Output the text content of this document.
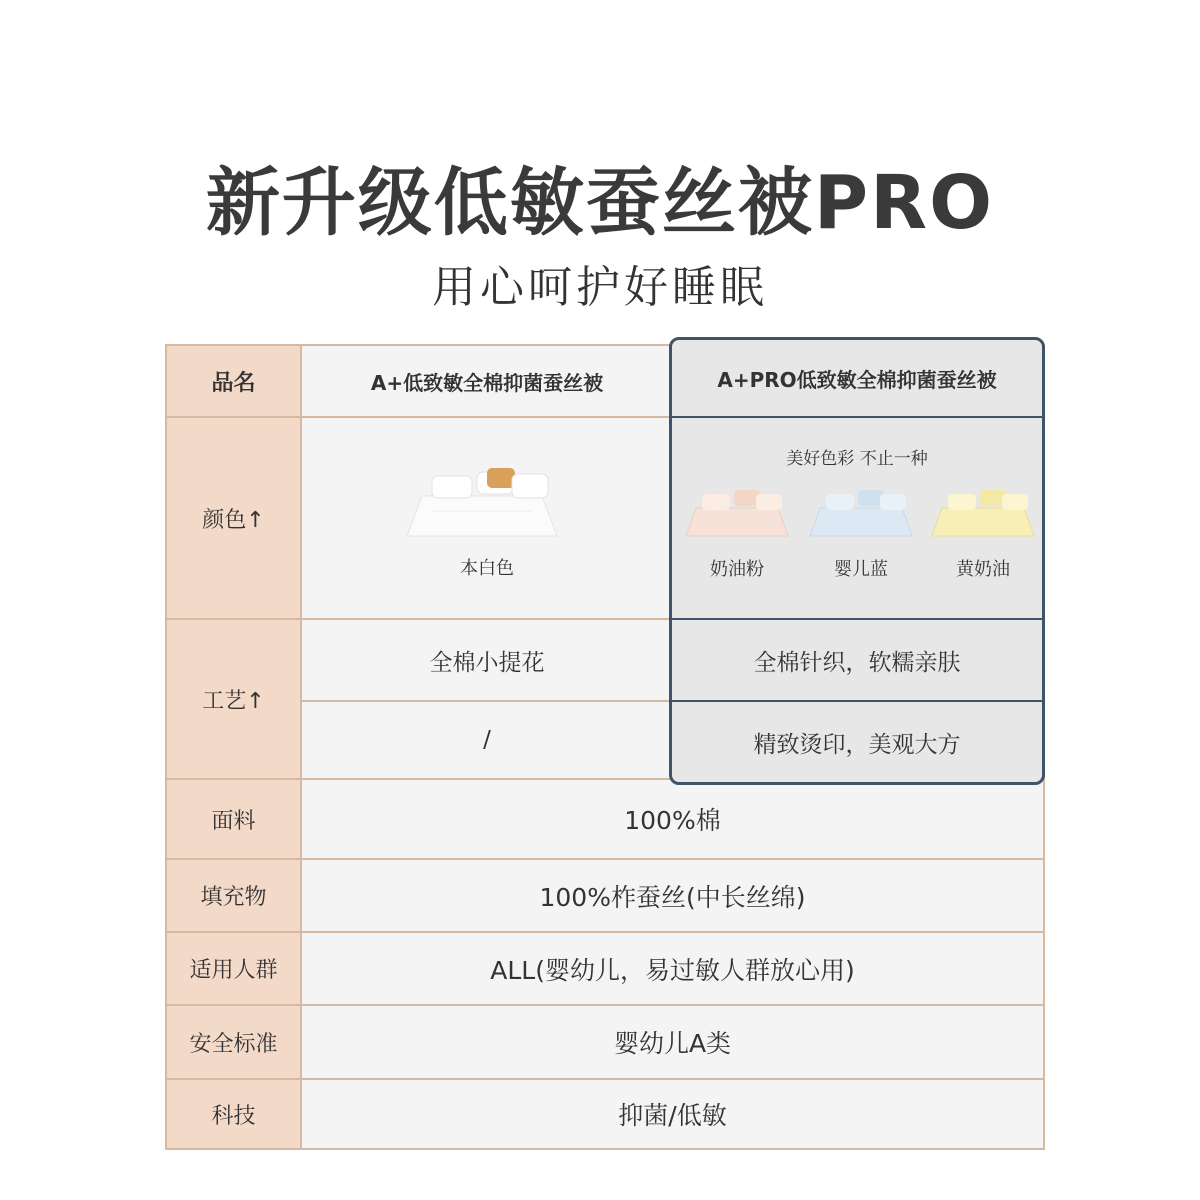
新升级低敏蚕丝被PRO
用心呵护好睡眠
品名
颜色↑
工艺↑
面料
填充物
适用人群
安全标准
科技
A+低致敏全棉抑菌蚕丝被
本白色
全棉小提花
/
100%棉
100%柞蚕丝(中长丝绵)
ALL(婴幼儿，易过敏人群放心用)
婴幼儿A类
抑菌/低敏
A+PRO低致敏全棉抑菌蚕丝被
美好色彩 不止一种
奶油粉	婴儿蓝	黄奶油
全棉针织，软糯亲肤
精致烫印，美观大方
